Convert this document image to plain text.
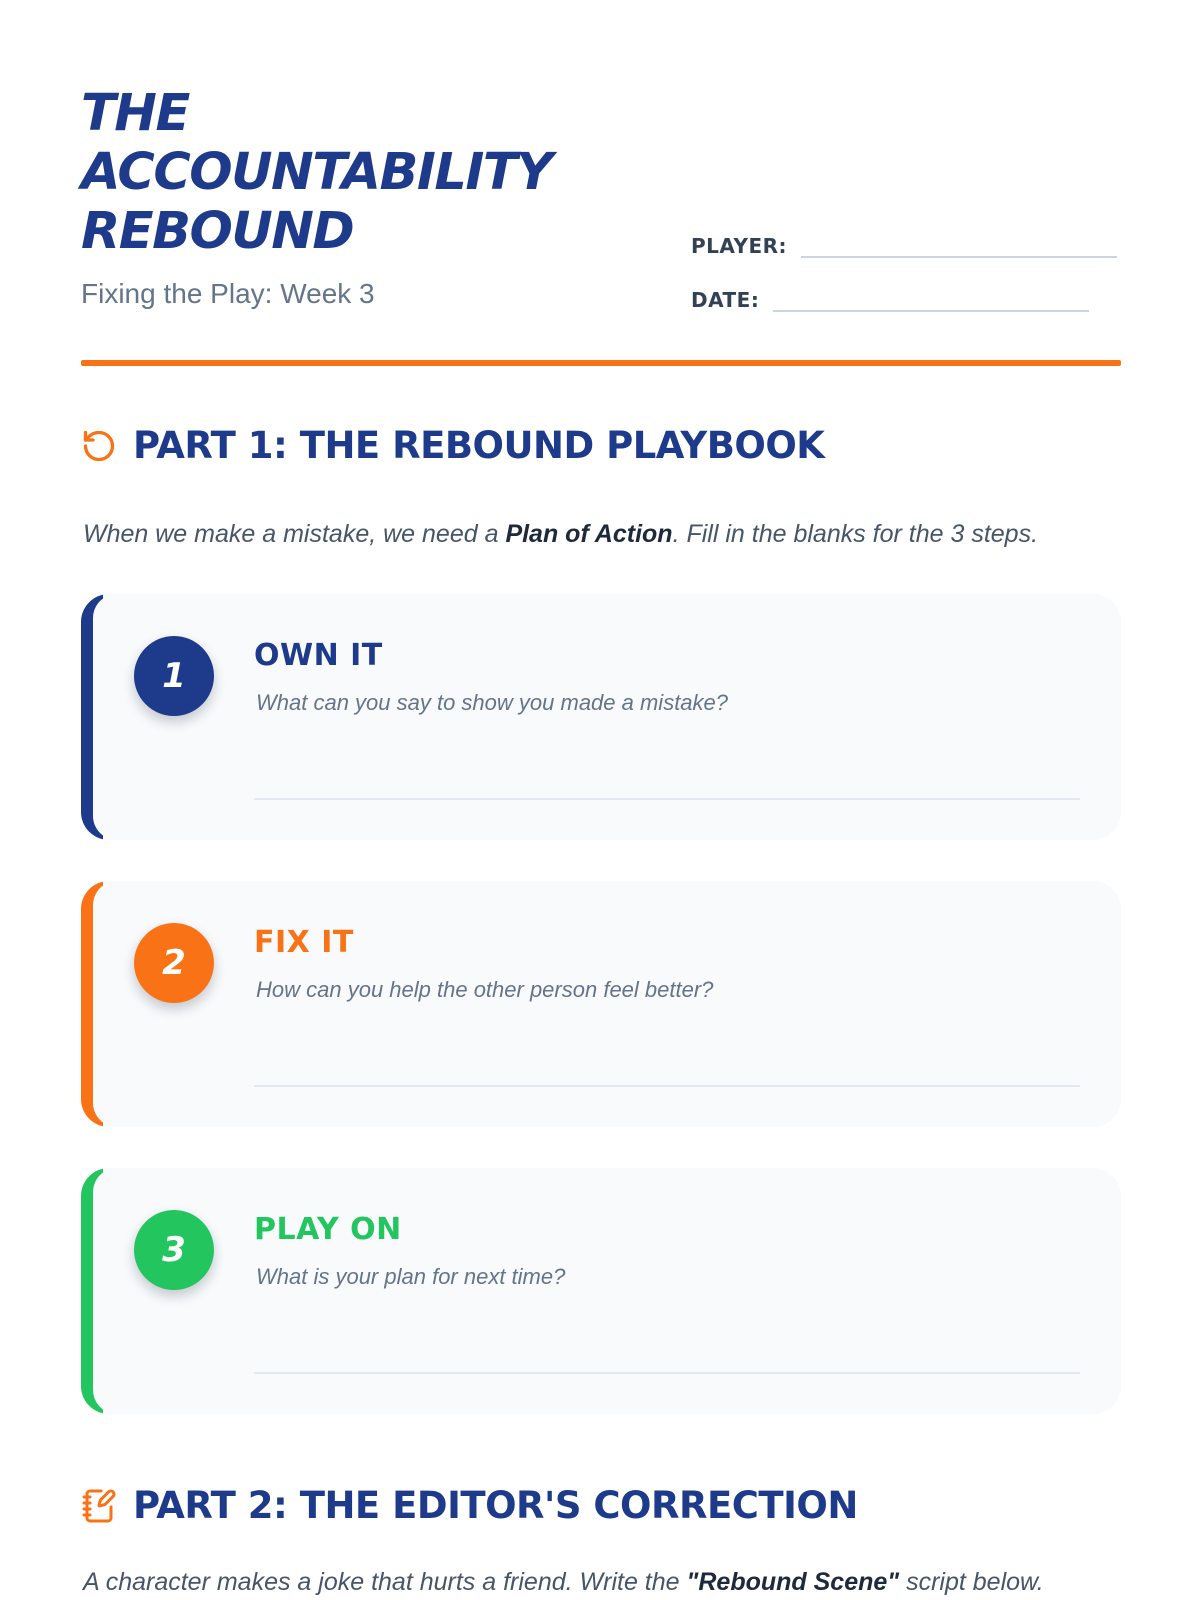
THE
ACCOUNTABILITY
REBOUND
Fixing the Play: Week 3
PLAYER:
DATE:
PART 1: THE REBOUND PLAYBOOK
When we make a mistake, we need a Plan of Action. Fill in the blanks for the 3 steps.
1
OWN IT
What can you say to show you made a mistake?
2
FIX IT
How can you help the other person feel better?
3
PLAY ON
What is your plan for next time?
PART 2: THE EDITOR'S CORRECTION
A character makes a joke that hurts a friend. Write the "Rebound Scene" script below.
